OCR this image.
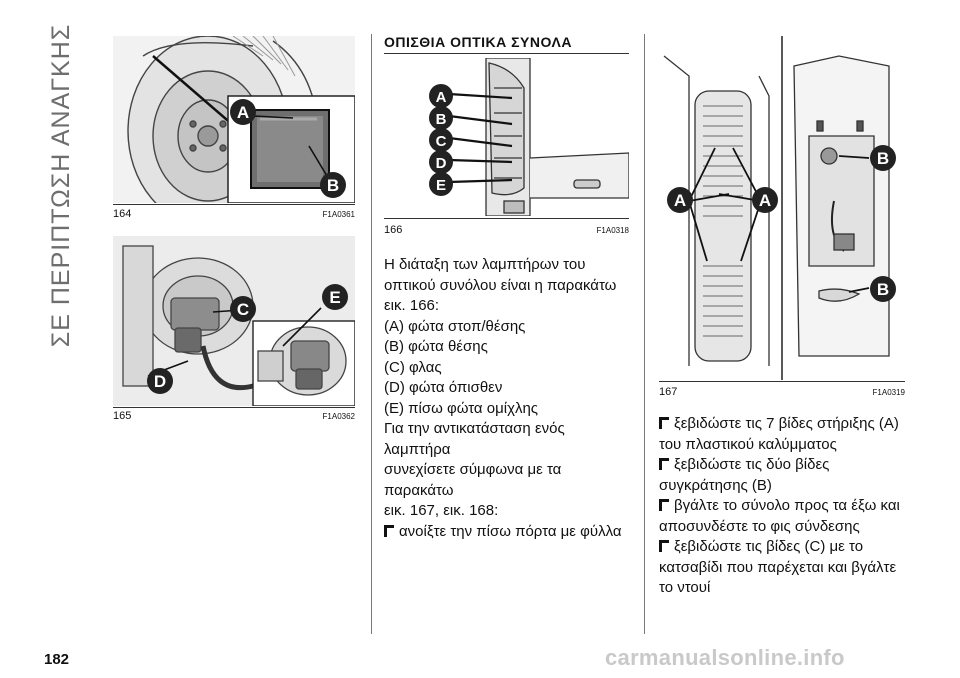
ΣΕ ΠΕΡΙΠΤΩΣΗ ΑΝΑΓΚΗΣ	A
B
164	F1A0361
C
D
E
165	F1A0362
ΟΠΙΣΘΙΑ ΟΠΤΙΚΑ ΣΥΝΟΛΑ
A
B
C
D
E
166	F1A0318

Η διάταξη των λαμπτήρων του

οπτικού συνόλου είναι η παρακάτω

εικ. 166:

(A) φώτα στοπ/θέσης

(B) φώτα θέσης

(C) φλας

(D) φώτα όπισθεν

(E) πίσω φώτα ομίχλης

Για την αντικατάσταση ενός λαμπτήρα

συνεχίσετε σύμφωνα με τα παρακάτω

εικ. 167, εικ. 168:

ανοίξτε την πίσω πόρτα με φύλλα

A	A
B
B
167	F1A0319

ξεβιδώστε τις 7 βίδες στήριξης (A)

του πλαστικού καλύμματος

ξεβιδώστε τις δύο βίδες

συγκράτησης (B)

βγάλτε το σύνολο προς τα έξω και

αποσυνδέστε το φις σύνδεσης

ξεβιδώστε τις βίδες (C) με το

κατσαβίδι που παρέχεται και βγάλτε

το ντουί

182	carmanualsonline.info
